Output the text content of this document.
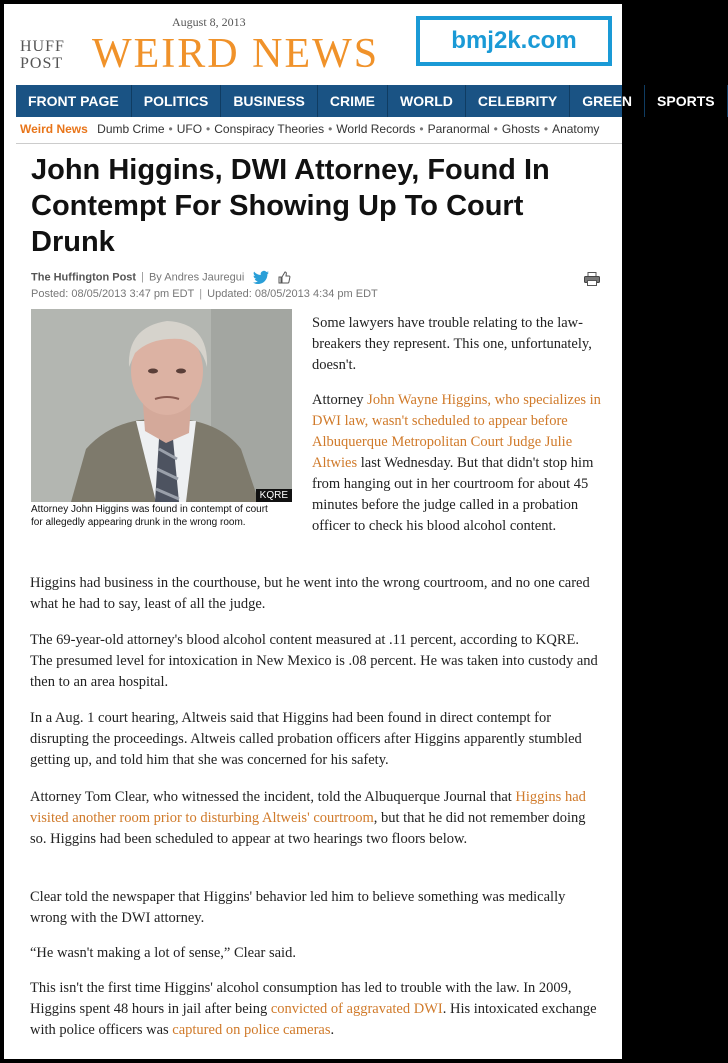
August 8, 2013
HUFF
POST WEIRD NEWS	bmj2k.com
FRONT PAGE POLITICS BUSINESS CRIME WORLD CELEBRITY GREEN SPORTS
Weird News Dumb Crime • UFO • Conspiracy Theories • World Records • Paranormal • Ghosts • Anatomy
John Higgins, DWI Attorney, Found In Contempt For Showing Up To Court Drunk
The Huffington Post | By Andres Jauregui
Posted: 08/05/2013 3:47 pm EDT | Updated: 08/05/2013 4:34 pm EDT
KQRE
Attorney John Higgins was found in contempt of court for allegedly appearing drunk in the wrong room.

Some lawyers have trouble relating to the law-breakers they represent. This one, unfortunately, doesn't.

Attorney John Wayne Higgins, who specializes in DWI law, wasn't scheduled to appear before Albuquerque Metropolitan Court Judge Julie Altwies last Wednesday. But that didn't stop him from hanging out in her courtroom for about 45 minutes before the judge called in a probation officer to check his blood alcohol content.

Higgins had business in the courthouse, but he went into the wrong courtroom, and no one cared what he had to say, least of all the judge.

The 69-year-old attorney's blood alcohol content measured at .11 percent, according to KQRE. The presumed level for intoxication in New Mexico is .08 percent. He was taken into custody and then to an area hospital.

In a Aug. 1 court hearing, Altweis said that Higgins had been found in direct contempt for disrupting the proceedings. Altweis called probation officers after Higgins apparently stumbled getting up, and told him that she was concerned for his safety.

Attorney Tom Clear, who witnessed the incident, told the Albuquerque Journal that Higgins had visited another room prior to disturbing Altweis' courtroom, but that he did not remember doing so. Higgins had been scheduled to appear at two hearings two floors below.

Clear told the newspaper that Higgins' behavior led him to believe something was medically wrong with the DWI attorney.

“He wasn't making a lot of sense,” Clear said.

This isn't the first time Higgins' alcohol consumption has led to trouble with the law. In 2009, Higgins spent 48 hours in jail after being convicted of aggravated DWI. His intoxicated exchange with police officers was captured on police cameras.
